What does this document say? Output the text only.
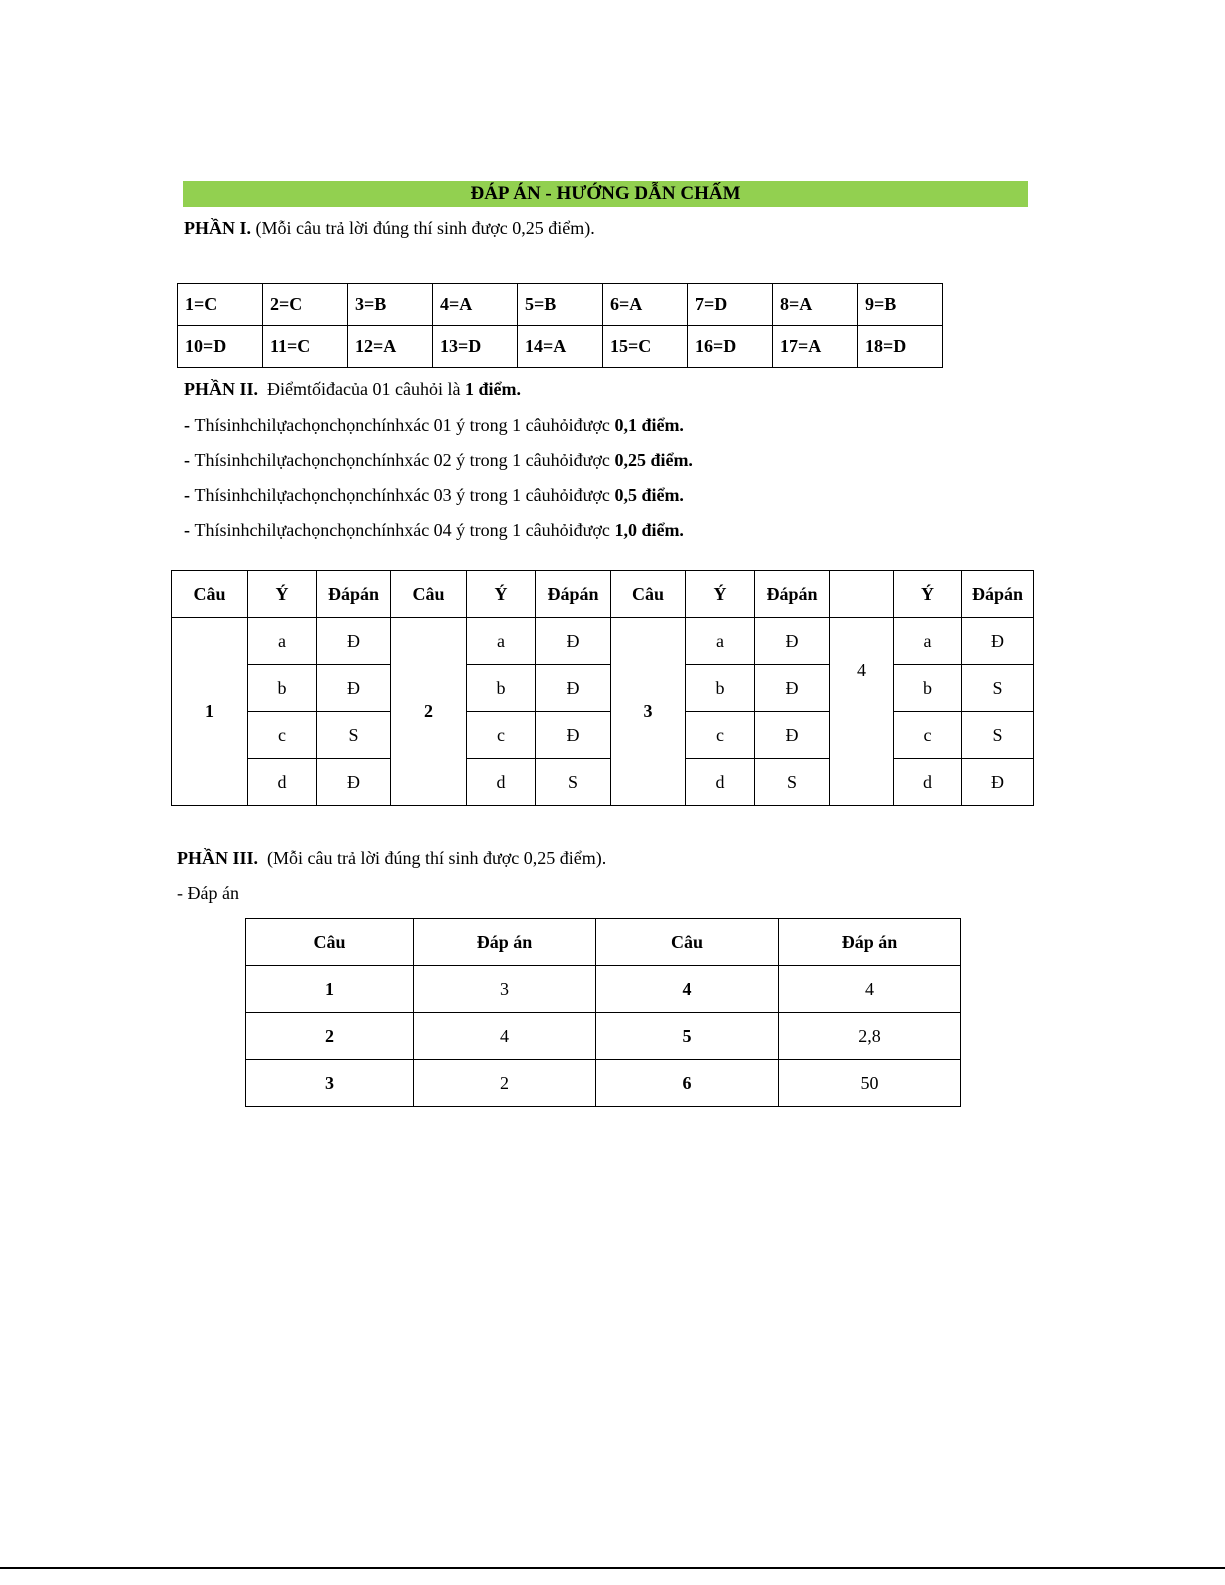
ĐÁP ÁN - HƯỚNG DẪN CHẤM
PHẦN I. (Mỗi câu trả lời đúng thí sinh được 0,25 điểm).
1=C	2=C	3=B	4=A	5=B	6=A	7=D	8=A	9=B
10=D	11=C	12=A	13=D	14=A	15=C	16=D	17=A	18=D
PHẦN II.  Điểmtốiđacủa 01 câuhỏi là 1 điểm.
- Thísinhchilựachọnchọnchínhxác 01 ý trong 1 câuhỏiđược 0,1 điểm.
- Thísinhchilựachọnchọnchínhxác 02 ý trong 1 câuhỏiđược 0,25 điểm.
- Thísinhchilựachọnchọnchínhxác 03 ý trong 1 câuhỏiđược 0,5 điểm.
- Thísinhchilựachọnchọnchínhxác 04 ý trong 1 câuhỏiđược 1,0 điểm.
Câu	Ý	Đápán	Câu	Ý	Đápán	Câu	Ý	Đápán		Ý	Đápán
1	a	Đ	2	a	Đ	3	a	Đ	4	a	Đ
	b	Đ		b	Đ		b	Đ		b	S
	c	S		c	Đ		c	Đ		c	S
	d	Đ		d	S		d	S		d	Đ
PHẦN III.  (Mỗi câu trả lời đúng thí sinh được 0,25 điểm).
- Đáp án
Câu	Đáp án	Câu	Đáp án
1	3	4	4
2	4	5	2,8
3	2	6	50
